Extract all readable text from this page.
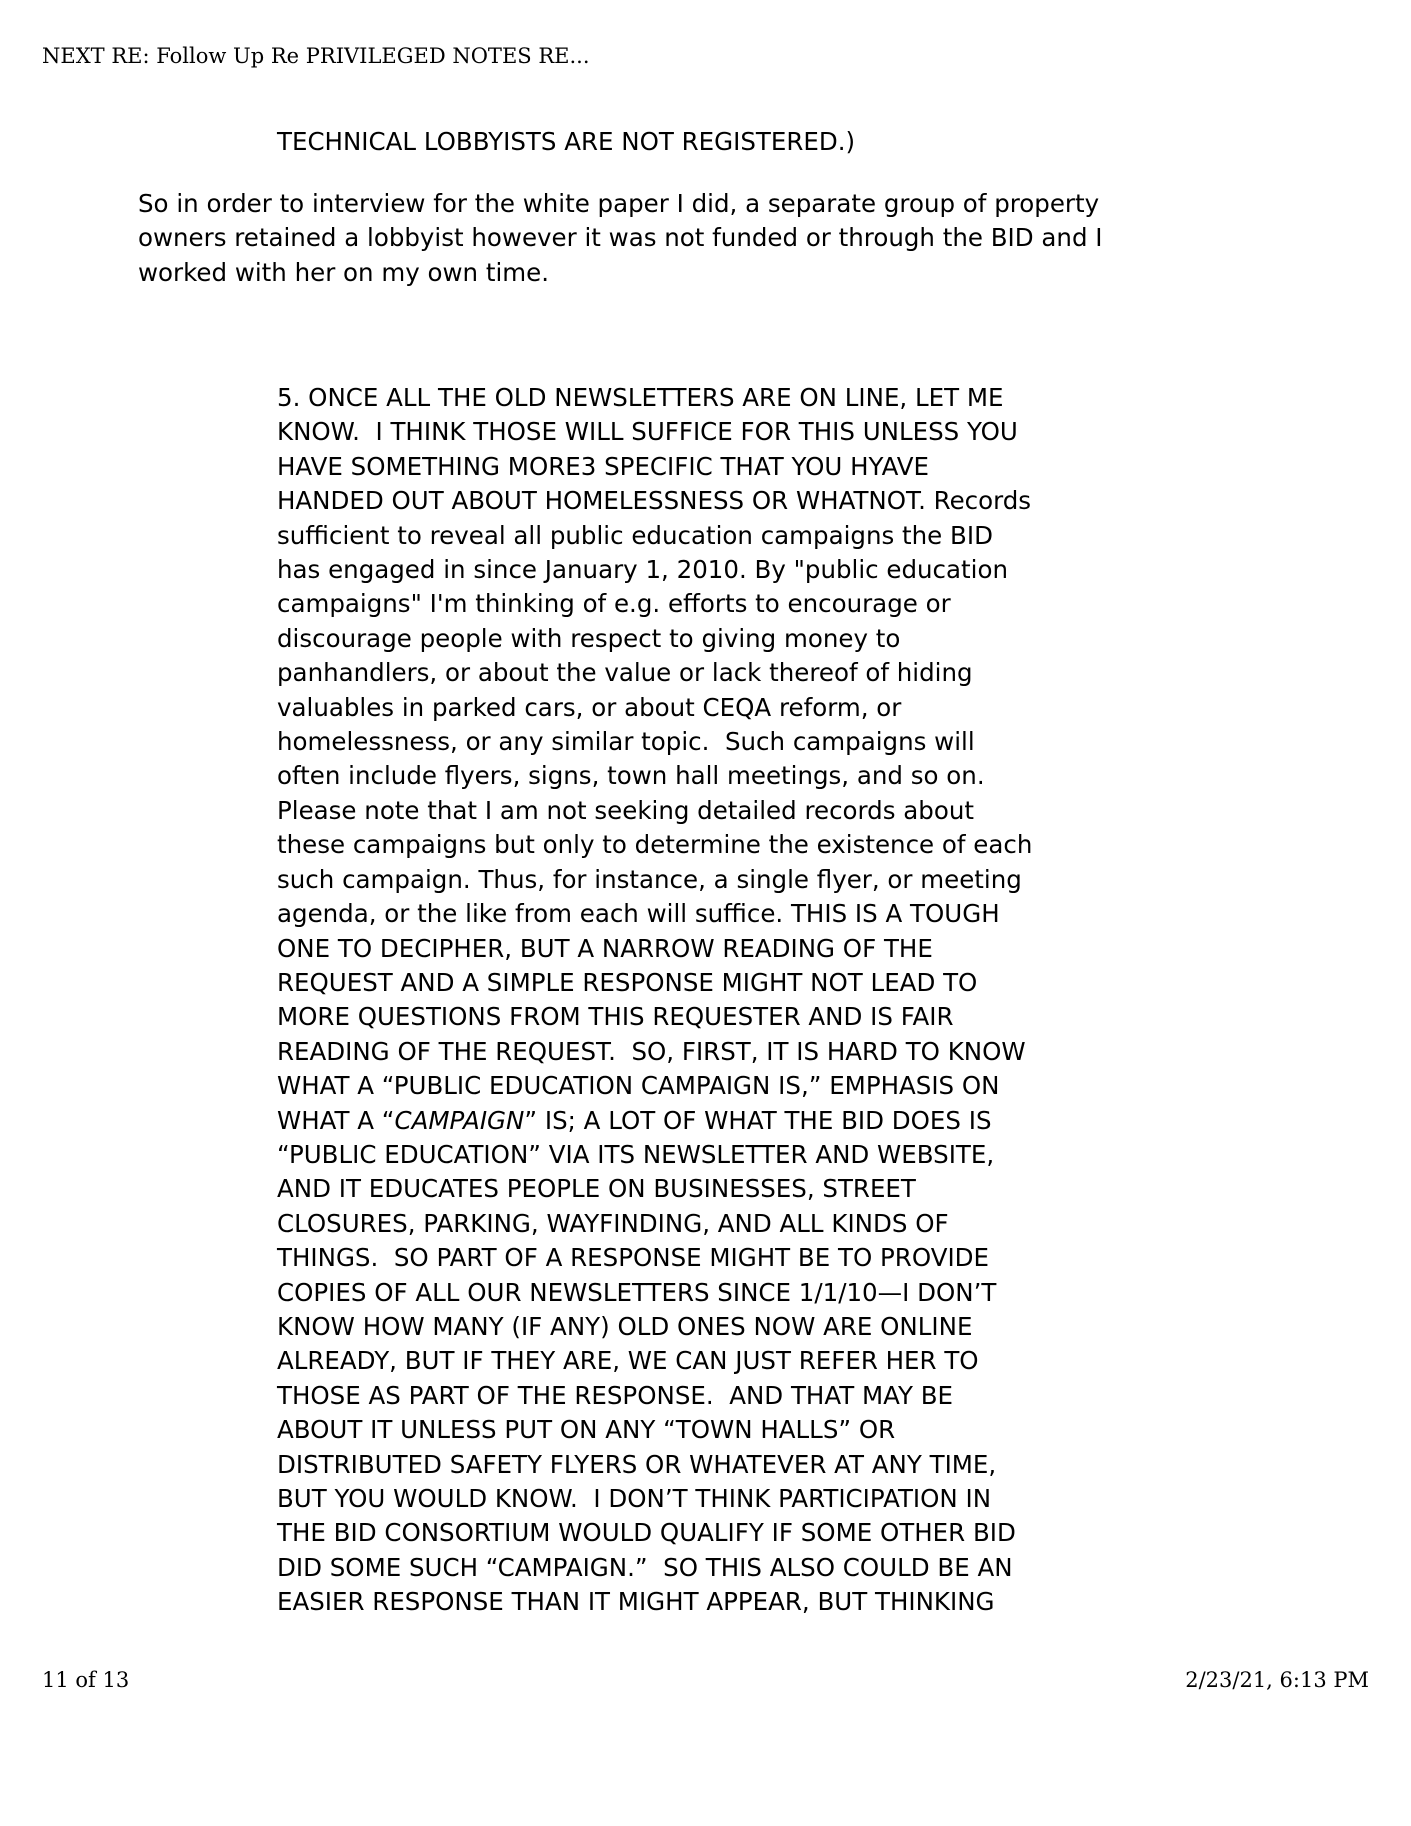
NEXT RE: Follow Up Re PRIVILEGED NOTES RE...
TECHNICAL LOBBYISTS ARE NOT REGISTERED.)
So in order to interview for the white paper I did, a separate group of property
owners retained a lobbyist however it was not funded or through the BID and I
worked with her on my own time.
5. ONCE ALL THE OLD NEWSLETTERS ARE ON LINE, LET ME
KNOW.  I THINK THOSE WILL SUFFICE FOR THIS UNLESS YOU
HAVE SOMETHING MORE3 SPECIFIC THAT YOU HYAVE
HANDED OUT ABOUT HOMELESSNESS OR WHATNOT. Records
sufficient to reveal all public education campaigns the BID
has engaged in since January 1, 2010. By "public education
campaigns" I'm thinking of e.g. efforts to encourage or
discourage people with respect to giving money to
panhandlers, or about the value or lack thereof of hiding
valuables in parked cars, or about CEQA reform, or
homelessness, or any similar topic.  Such campaigns will
often include flyers, signs, town hall meetings, and so on.
Please note that I am not seeking detailed records about
these campaigns but only to determine the existence of each
such campaign. Thus, for instance, a single flyer, or meeting
agenda, or the like from each will suffice. THIS IS A TOUGH
ONE TO DECIPHER, BUT A NARROW READING OF THE
REQUEST AND A SIMPLE RESPONSE MIGHT NOT LEAD TO
MORE QUESTIONS FROM THIS REQUESTER AND IS FAIR
READING OF THE REQUEST.  SO, FIRST, IT IS HARD TO KNOW
WHAT A “PUBLIC EDUCATION CAMPAIGN IS,” EMPHASIS ON
WHAT A “CAMPAIGN” IS; A LOT OF WHAT THE BID DOES IS
“PUBLIC EDUCATION” VIA ITS NEWSLETTER AND WEBSITE,
AND IT EDUCATES PEOPLE ON BUSINESSES, STREET
CLOSURES, PARKING, WAYFINDING, AND ALL KINDS OF
THINGS.  SO PART OF A RESPONSE MIGHT BE TO PROVIDE
COPIES OF ALL OUR NEWSLETTERS SINCE 1/1/10—I DON’T
KNOW HOW MANY (IF ANY) OLD ONES NOW ARE ONLINE
ALREADY, BUT IF THEY ARE, WE CAN JUST REFER HER TO
THOSE AS PART OF THE RESPONSE.  AND THAT MAY BE
ABOUT IT UNLESS PUT ON ANY “TOWN HALLS” OR
DISTRIBUTED SAFETY FLYERS OR WHATEVER AT ANY TIME,
BUT YOU WOULD KNOW.  I DON’T THINK PARTICIPATION IN
THE BID CONSORTIUM WOULD QUALIFY IF SOME OTHER BID
DID SOME SUCH “CAMPAIGN.”  SO THIS ALSO COULD BE AN
EASIER RESPONSE THAN IT MIGHT APPEAR, BUT THINKING
11 of 13	2/23/21, 6:13 PM
